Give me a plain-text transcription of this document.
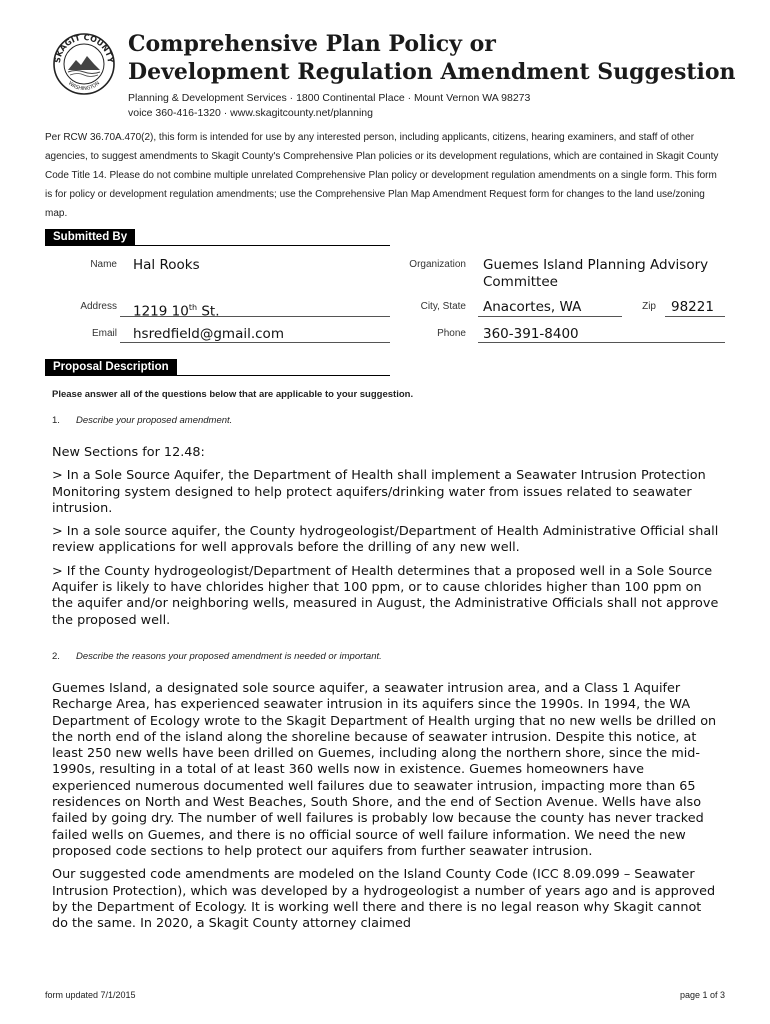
SKAGIT COUNTY
WASHINGTON
Comprehensive Plan Policy or
Development Regulation Amendment Suggestion
Planning & Development Services · 1800 Continental Place · Mount Vernon WA 98273
voice 360-416-1320 · www.skagitcounty.net/planning
Per RCW 36.70A.470(2), this form is intended for use by any interested person, including applicants, citizens, hearing examiners, and staff of other agencies, to suggest amendments to Skagit County's Comprehensive Plan policies or its development regulations, which are contained in Skagit County Code Title 14. Please do not combine multiple unrelated Comprehensive Plan policy or development regulation amendments on a single form. This form is for policy or development regulation amendments; use the Comprehensive Plan Map Amendment Request form for changes to the land use/zoning map.
Submitted By
Name Hal Rooks	Organization Guemes Island Planning Advisory
Committee
Address 1219 10th St.	City, State Anacortes, WA	Zip 98221
Email hsredfield@gmail.com	Phone 360-391-8400
Proposal Description
Please answer all of the questions below that are applicable to your suggestion.
1. Describe your proposed amendment.

New Sections for 12.48:

> In a Sole Source Aquifer, the Department of Health shall implement a Seawater Intrusion Protection Monitoring system designed to help protect aquifers/drinking water from issues related to seawater intrusion.

> In a sole source aquifer, the County hydrogeologist/Department of Health Administrative Official shall review applications for well approvals before the drilling of any new well.

> If the County hydrogeologist/Department of Health determines that a proposed well in a Sole Source Aquifer is likely to have chlorides higher that 100 ppm, or to cause chlorides higher than 100 ppm on the aquifer and/or neighboring wells, measured in August, the Administrative Officials shall not approve the proposed well.

2. Describe the reasons your proposed amendment is needed or important.

Guemes Island, a designated sole source aquifer, a seawater intrusion area, and a Class 1 Aquifer Recharge Area, has experienced seawater intrusion in its aquifers since the 1990s. In 1994, the WA Department of Ecology wrote to the Skagit Department of Health urging that no new wells be drilled on the north end of the island along the shoreline because of seawater intrusion. Despite this notice, at least 250 new wells have been drilled on Guemes, including along the northern shore, since the mid-1990s, resulting in a total of at least 360 wells now in existence. Guemes homeowners have experienced numerous documented well failures due to seawater intrusion, impacting more than 65 residences on North and West Beaches, South Shore, and the end of Section Avenue. Wells have also failed by going dry. The number of well failures is probably low because the county has never tracked failed wells on Guemes, and there is no official source of well failure information. We need the new proposed code sections to help protect our aquifers from further seawater intrusion.

Our suggested code amendments are modeled on the Island County Code (ICC 8.09.099 – Seawater Intrusion Protection), which was developed by a hydrogeologist a number of years ago and is approved by the Department of Ecology. It is working well there and there is no legal reason why Skagit cannot do the same. In 2020, a Skagit County attorney claimed

form updated 7/1/2015	page 1 of 3
